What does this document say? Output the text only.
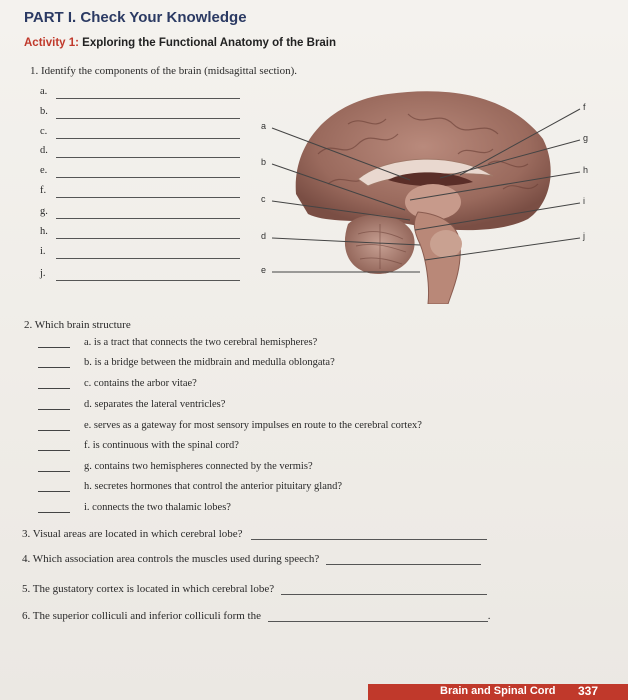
PART I. Check Your Knowledge
Activity 1: Exploring the Functional Anatomy of the Brain
1. Identify the components of the brain (midsagittal section).
a.
b.
c.
d.
e.
f.
g.
h.
i.
j.
a
b
c
d
e
f
g
h
i
j
2. Which brain structure
a. is a tract that connects the two cerebral hemispheres?
b. is a bridge between the midbrain and medulla oblongata?
c. contains the arbor vitae?
d. separates the lateral ventricles?
e. serves as a gateway for most sensory impulses en route to the cerebral cortex?
f. is continuous with the spinal cord?
g. contains two hemispheres connected by the vermis?
h. secretes hormones that control the anterior pituitary gland?
i. connects the two thalamic lobes?
3. Visual areas are located in which cerebral lobe?
4. Which association area controls the muscles used during speech?
5. The gustatory cortex is located in which cerebral lobe?
6. The superior colliculi and inferior colliculi form the	.
Brain and Spinal Cord 337
